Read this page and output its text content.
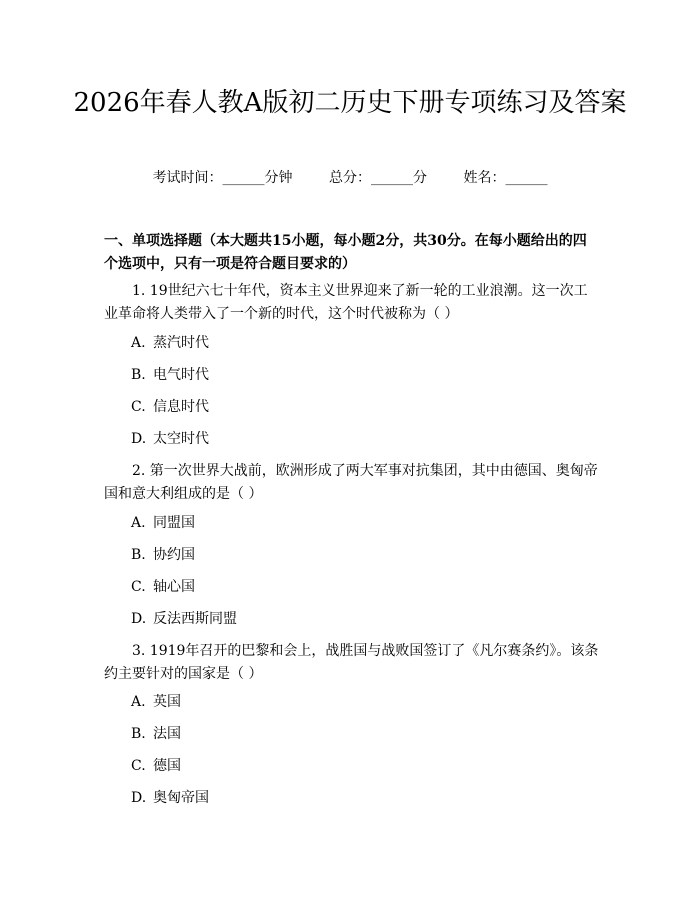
2026年春人教A版初二历史下册专项练习及答案
考试时间：______分钟	总分：______分	姓名：______
一、单项选择题（本大题共15小题，每小题2分，共30分。在每小题给出的四个选项中，只有一项是符合题目要求的）
1. 19世纪六七十年代，资本主义世界迎来了新一轮的工业浪潮。这一次工业革命将人类带入了一个新的时代，这个时代被称为（ ）
A. 蒸汽时代
B. 电气时代
C. 信息时代
D. 太空时代
2. 第一次世界大战前，欧洲形成了两大军事对抗集团，其中由德国、奥匈帝国和意大利组成的是（ ）
A. 同盟国
B. 协约国
C. 轴心国
D. 反法西斯同盟
3. 1919年召开的巴黎和会上，战胜国与战败国签订了《凡尔赛条约》。该条约主要针对的国家是（ ）
A. 英国
B. 法国
C. 德国
D. 奥匈帝国
